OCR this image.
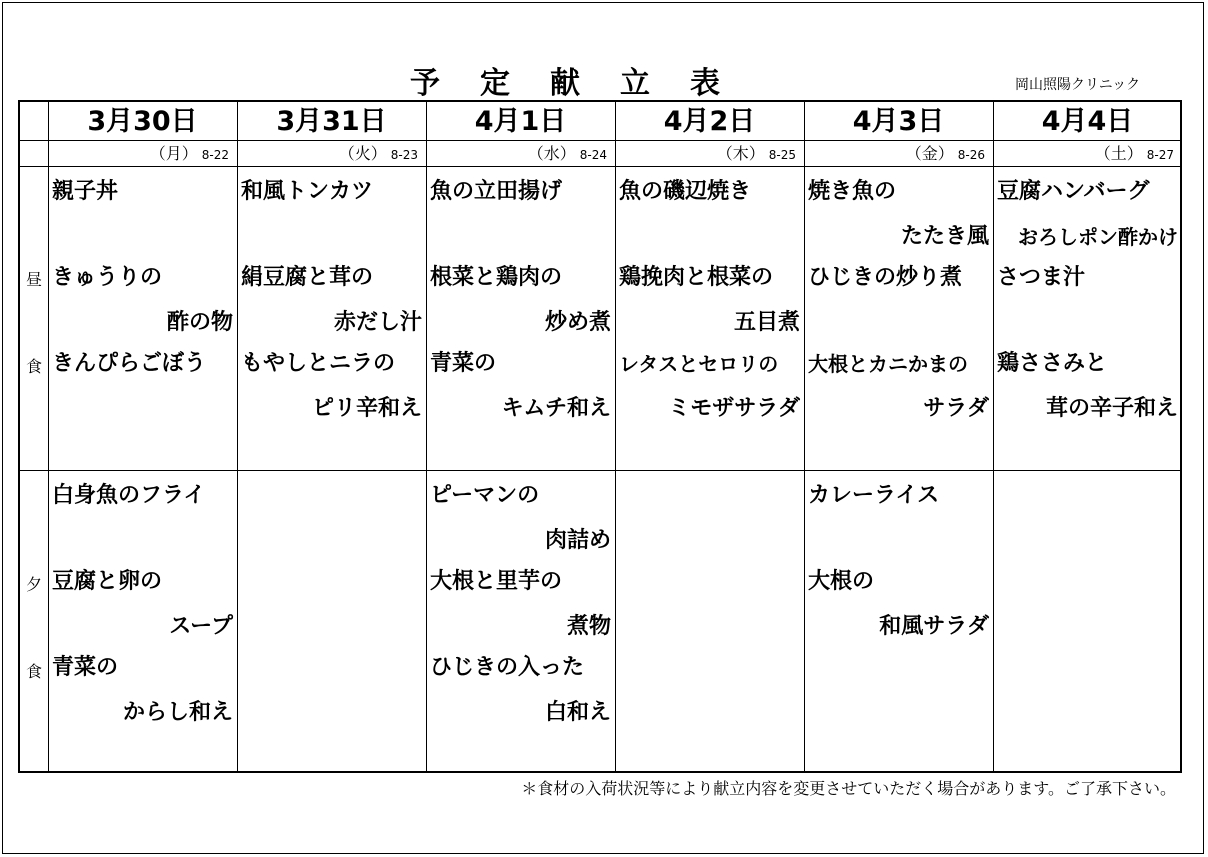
予定献立表	岡山照陽クリニック
3月30日
（月） 8-22
3月31日
（火） 8-23
4月1日
（水） 8-24
4月2日
（木） 8-25
4月3日
（金） 8-26
4月4日
（土） 8-27
昼
食
夕
食
親子丼
きゅうりの
酢の物
きんぴらごぼう
和風トンカツ
絹豆腐と茸の
赤だし汁
もやしとニラの
ピリ辛和え
魚の立田揚げ
根菜と鶏肉の
炒め煮
青菜の
キムチ和え
魚の磯辺焼き
鶏挽肉と根菜の
五目煮
レタスとセロリの
ミモザサラダ
焼き魚の
たたき風
ひじきの炒り煮
大根とカニかまの
サラダ
豆腐ハンバーグ
おろしポン酢かけ
さつま汁
鶏ささみと
茸の辛子和え
白身魚のフライ
豆腐と卵の
スープ
青菜の
からし和え
ピーマンの
肉詰め
大根と里芋の
煮物
ひじきの入った
白和え
カレーライス
大根の
和風サラダ
＊食材の入荷状況等により献立内容を変更させていただく場合があります。ご了承下さい。
